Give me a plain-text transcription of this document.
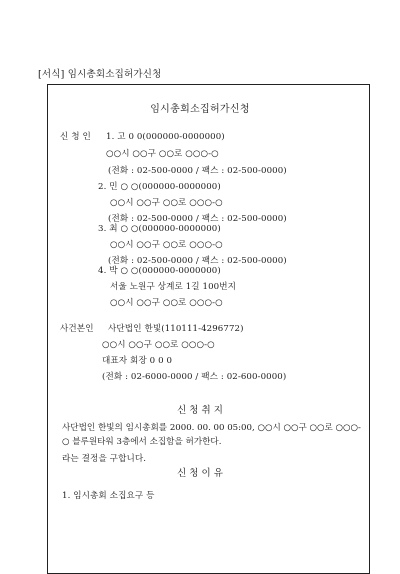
[서식] 임시총회소집허가신청
임시총회소집허가신청
신 청 인 1. 고 0 0(000000-0000000)
○○시 ○○구 ○○로 ○○○-○
(전화 : 02-500-0000 / 팩스 : 02-500-0000)
2. 민 ○ ○(000000-0000000)
○○시 ○○구 ○○로 ○○○-○
(전화 : 02-500-0000 / 팩스 : 02-500-0000)
3. 최 ○ ○(000000-0000000)
○○시 ○○구 ○○로 ○○○-○
(전화 : 02-500-0000 / 팩스 : 02-500-0000)
4. 박 ○ ○(000000-0000000)
서울 노원구 상계로 1길 100번지
○○시 ○○구 ○○로 ○○○-○
사건본인 사단법인 한빛(110111-4296772)
○○시 ○○구 ○○로 ○○○-○
대표자 회장 0 0 0
(전화 : 02-6000-0000 / 팩스 : 02-600-0000)
신 청 취 지
사단법인 한빛의 임시총회를 2000. 00. 00 05:00, ○○시 ○○구 ○○로 ○○○-○ 블루원타워 3층에서 소집함을 허가한다.
라는 결정을 구합니다.
신 청 이 유
1. 임시총회 소집요구 등
